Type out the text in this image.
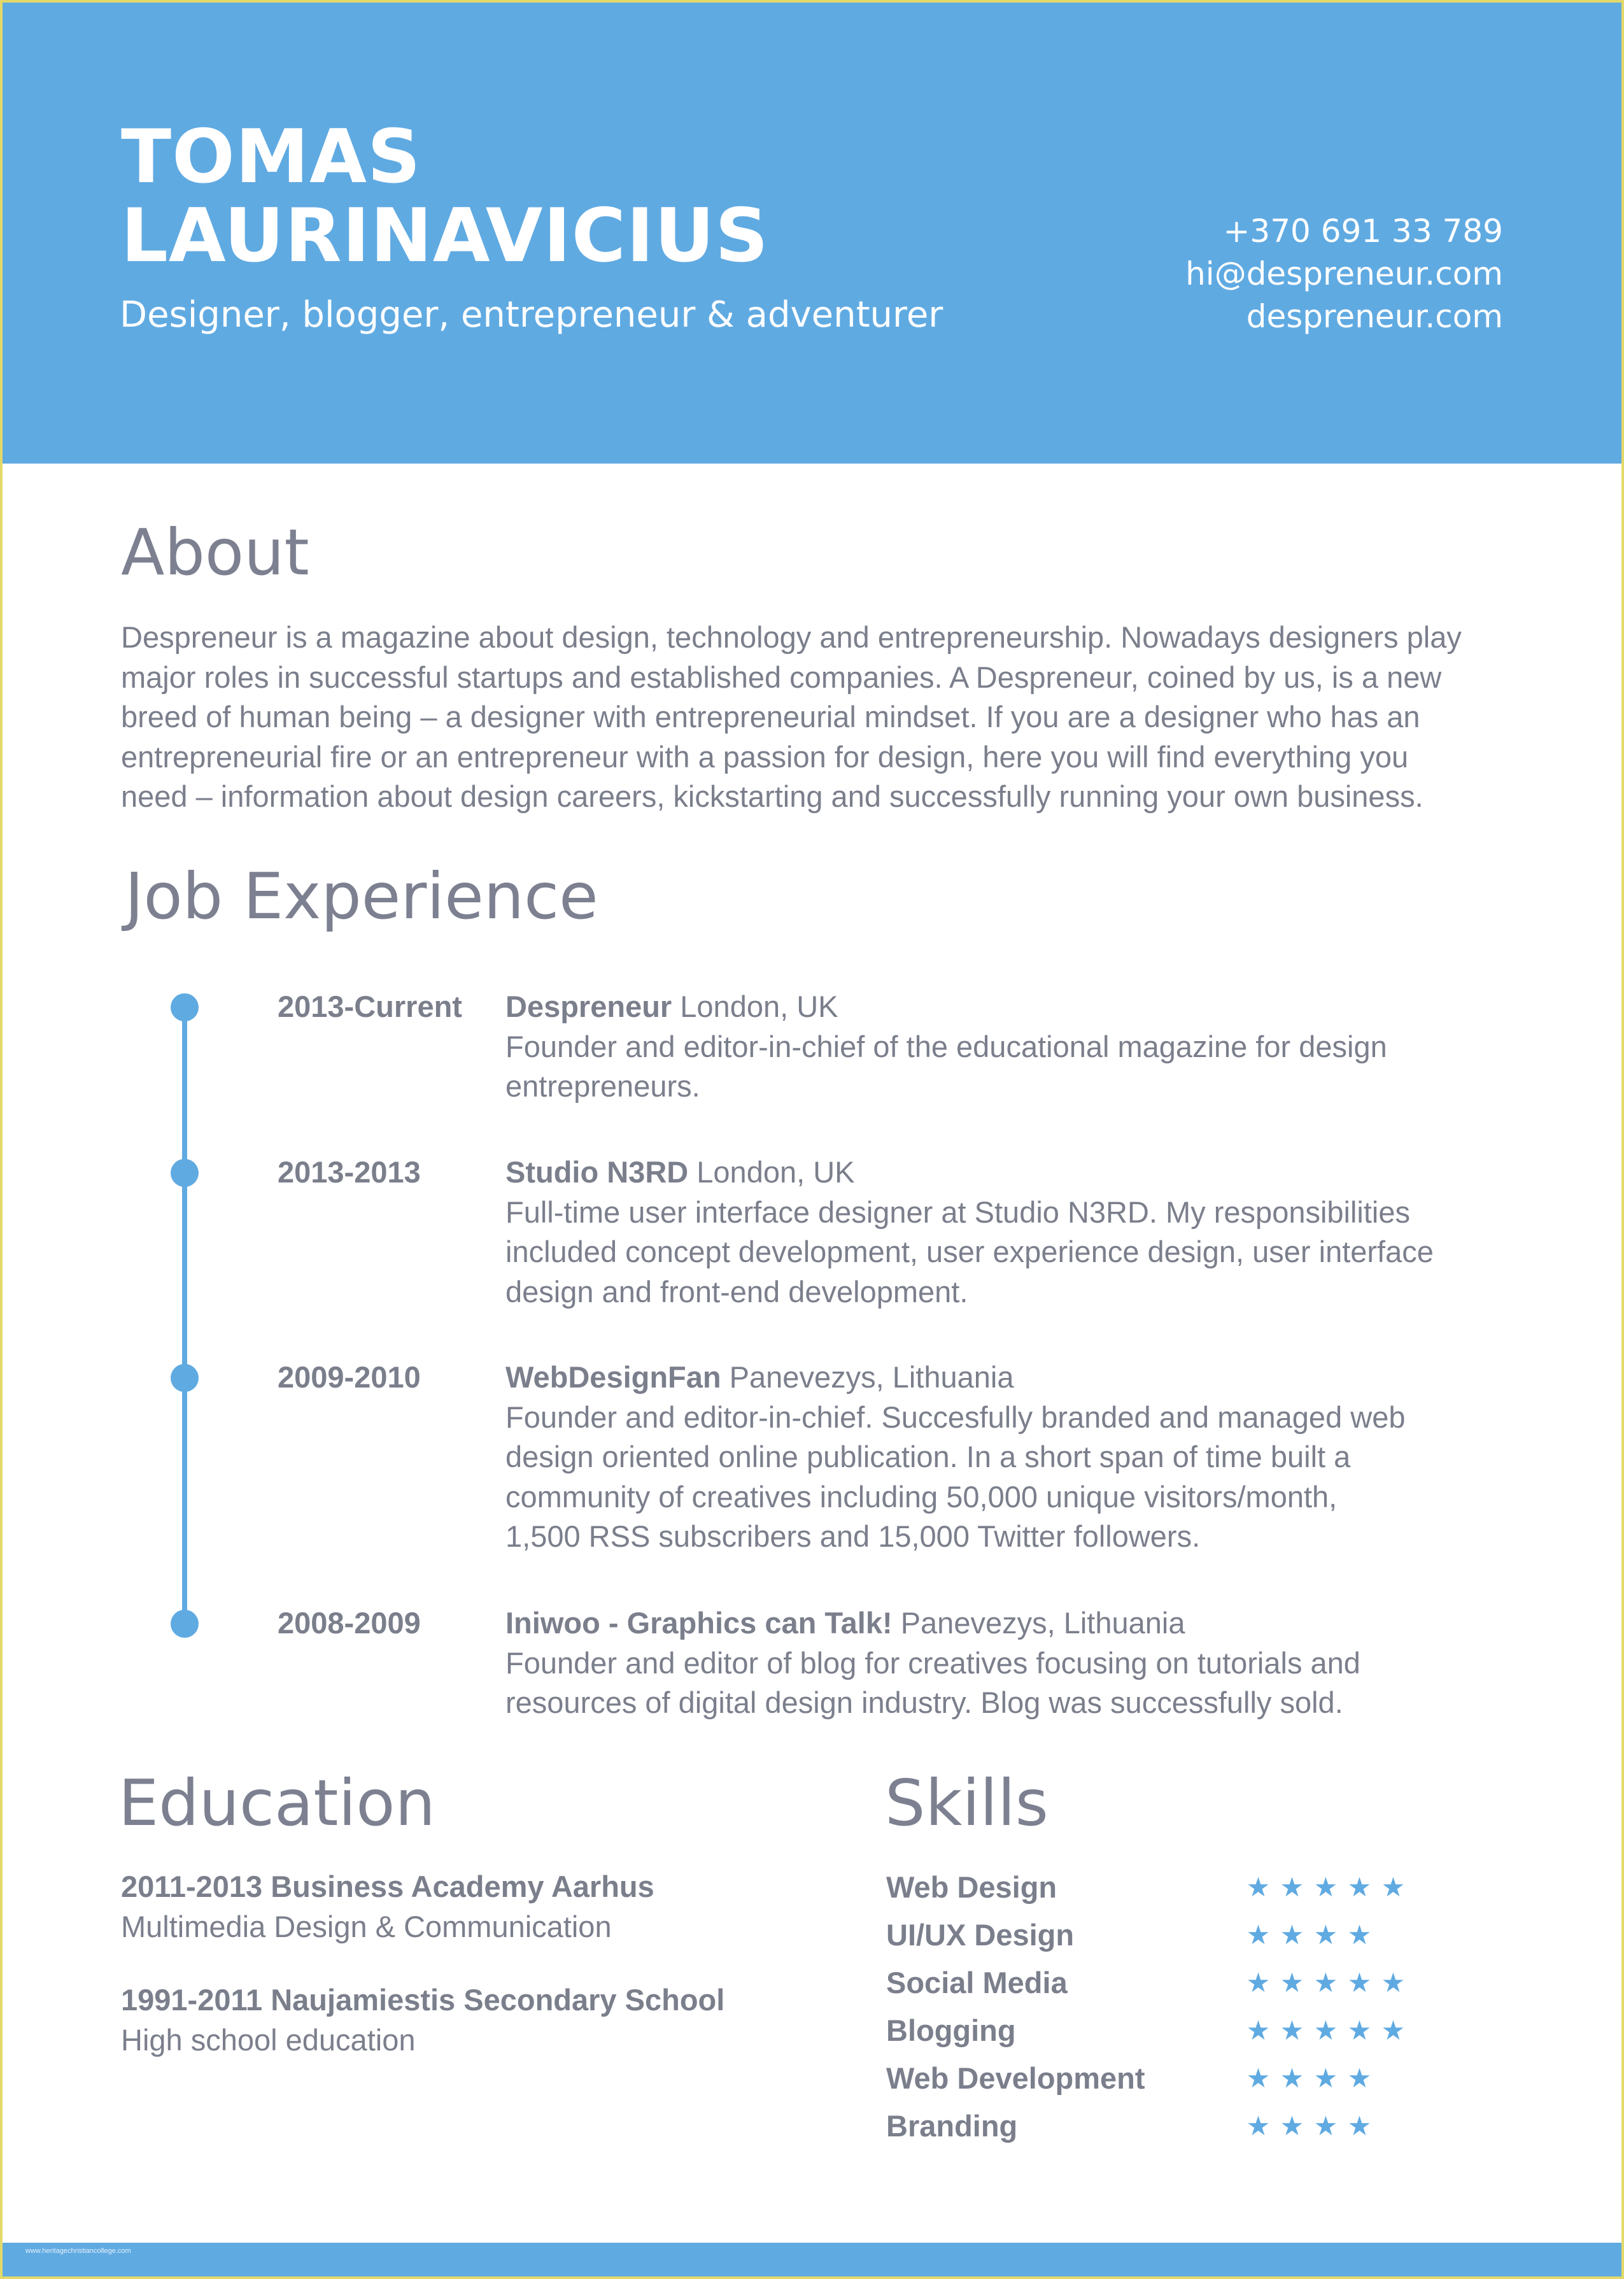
TOMAS
LAURINAVICIUS
Designer, blogger, entrepreneur & adventurer
+370 691 33 789
hi@despreneur.com
despreneur.com
About

Despreneur is a magazine about design, technology and entrepreneurship. Nowadays designers play
major roles in successful startups and established companies. A Despreneur, coined by us, is a new
breed of human being – a designer with entrepreneurial mindset. If you are a designer who has an
entrepreneurial fire or an entrepreneur with a passion for design, here you will find everything you
need – information about design careers, kickstarting and successfully running your own business.

Job Experience
2013-Current Despreneur London, UK
Founder and editor-in-chief of the educational magazine for design
entrepreneurs.
2013-2013	Studio N3RD London, UK
Full-time user interface designer at Studio N3RD. My responsibilities
included concept development, user experience design, user interface
design and front-end development.
2009-2010	WebDesignFan Panevezys, Lithuania
Founder and editor-in-chief. Succesfully branded and managed web
design oriented online publication. In a short span of time built a
community of creatives including 50,000 unique visitors/month,
1,500 RSS subscribers and 15,000 Twitter followers.
2008-2009	Iniwoo - Graphics can Talk! Panevezys, Lithuania
Founder and editor of blog for creatives focusing on tutorials and
resources of digital design industry. Blog was successfully sold.
Education
2011-2013 Business Academy Aarhus
Multimedia Design & Communication
1991-2011 Naujamiestis Secondary School
High school education
Skills
Web Design	★ ★ ★ ★ ★
UI/UX Design	★ ★ ★ ★
Social Media	★ ★ ★ ★ ★
Blogging	★ ★ ★ ★ ★
Web Development	★ ★ ★ ★
Branding	★ ★ ★ ★
www.heritagechristiancollege.com
